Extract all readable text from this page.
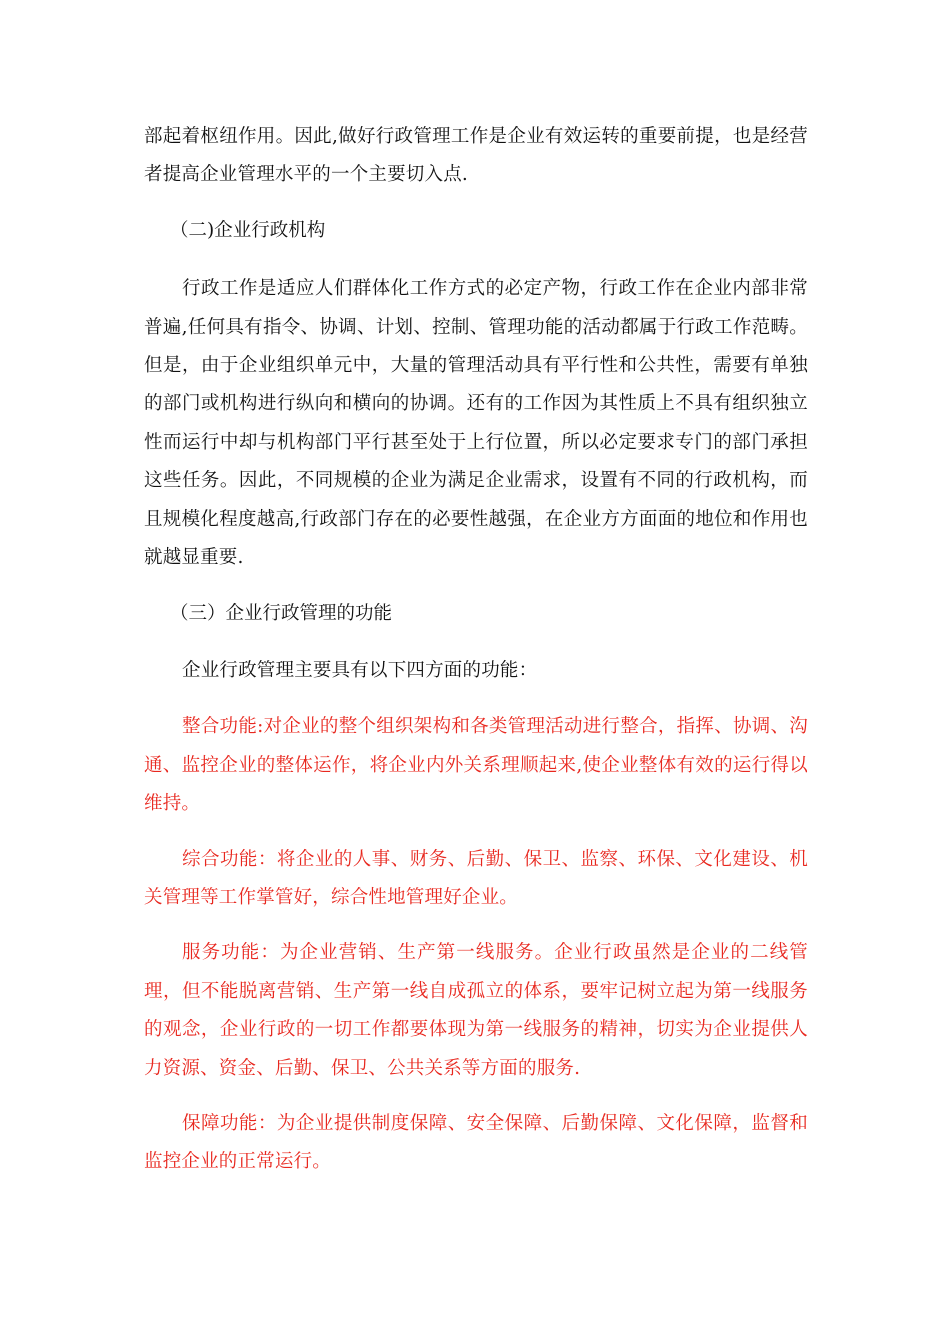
部起着枢纽作用。因此,做好行政管理工作是企业有效运转的重要前提，也是经营者提高企业管理水平的一个主要切入点.

（二)企业行政机构

行政工作是适应人们群体化工作方式的必定产物，行政工作在企业内部非常普遍,任何具有指令、协调、计划、控制、管理功能的活动都属于行政工作范畴。但是，由于企业组织单元中，大量的管理活动具有平行性和公共性，需要有单独的部门或机构进行纵向和横向的协调。还有的工作因为其性质上不具有组织独立性而运行中却与机构部门平行甚至处于上行位置，所以必定要求专门的部门承担这些任务。因此，不同规模的企业为满足企业需求，设置有不同的行政机构，而且规模化程度越高,行政部门存在的必要性越强，在企业方方面面的地位和作用也就越显重要.

（三）企业行政管理的功能

企业行政管理主要具有以下四方面的功能：

整合功能:对企业的整个组织架构和各类管理活动进行整合，指挥、协调、沟通、监控企业的整体运作，将企业内外关系理顺起来,使企业整体有效的运行得以维持。

综合功能：将企业的人事、财务、后勤、保卫、监察、环保、文化建设、机关管理等工作掌管好，综合性地管理好企业。

服务功能：为企业营销、生产第一线服务。企业行政虽然是企业的二线管理，但不能脱离营销、生产第一线自成孤立的体系，要牢记树立起为第一线服务的观念，企业行政的一切工作都要体现为第一线服务的精神，切实为企业提供人力资源、资金、后勤、保卫、公共关系等方面的服务.

保障功能：为企业提供制度保障、安全保障、后勤保障、文化保障，监督和监控企业的正常运行。
